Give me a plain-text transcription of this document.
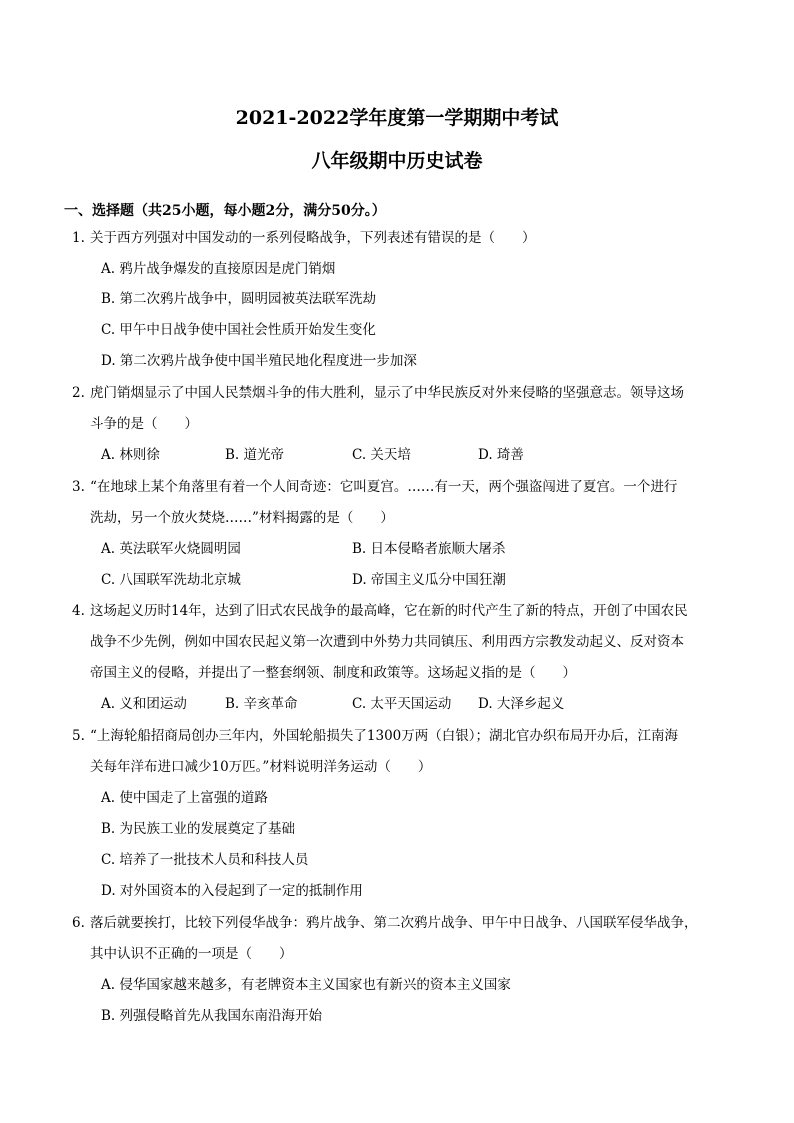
2021-2022学年度第一学期期中考试
八年级期中历史试卷
一、选择题（共25小题，每小题2分，满分50分。）
1. 关于西方列强对中国发动的一系列侵略战争，下列表述有错误的是（　　）
A. 鸦片战争爆发的直接原因是虎门销烟
B. 第二次鸦片战争中，圆明园被英法联军洗劫
C. 甲午中日战争使中国社会性质开始发生变化
D. 第二次鸦片战争使中国半殖民地化程度进一步加深
2. 虎门销烟显示了中国人民禁烟斗争的伟大胜利，显示了中华民族反对外来侵略的坚强意志。领导这场
斗争的是（　　）
A. 林则徐	B. 道光帝	C. 关天培	D. 琦善
3. “在地球上某个角落里有着一个人间奇迹：它叫夏宫。……有一天，两个强盗闯进了夏宫。一个进行
洗劫，另一个放火焚烧……”材料揭露的是（　　）
A. 英法联军火烧圆明园	B. 日本侵略者旅顺大屠杀
C. 八国联军洗劫北京城	D. 帝国主义瓜分中国狂潮
4. 这场起义历时14年，达到了旧式农民战争的最高峰，它在新的时代产生了新的特点，开创了中国农民
战争不少先例，例如中国农民起义第一次遭到中外势力共同镇压、利用西方宗教发动起义、反对资本
帝国主义的侵略，并提出了一整套纲领、制度和政策等。这场起义指的是（　　）
A. 义和团运动	B. 辛亥革命	C. 太平天国运动 D. 大泽乡起义
5. “上海轮船招商局创办三年内，外国轮船损失了1300万两（白银）；湖北官办织布局开办后，江南海
关每年洋布进口减少10万匹。”材料说明洋务运动（　　）
A. 使中国走了上富强的道路
B. 为民族工业的发展奠定了基础
C. 培养了一批技术人员和科技人员
D. 对外国资本的入侵起到了一定的抵制作用
6. 落后就要挨打，比较下列侵华战争：鸦片战争、第二次鸦片战争、甲午中日战争、八国联军侵华战争，
其中认识不正确的一项是（　　）
A. 侵华国家越来越多，有老牌资本主义国家也有新兴的资本主义国家
B. 列强侵略首先从我国东南沿海开始
